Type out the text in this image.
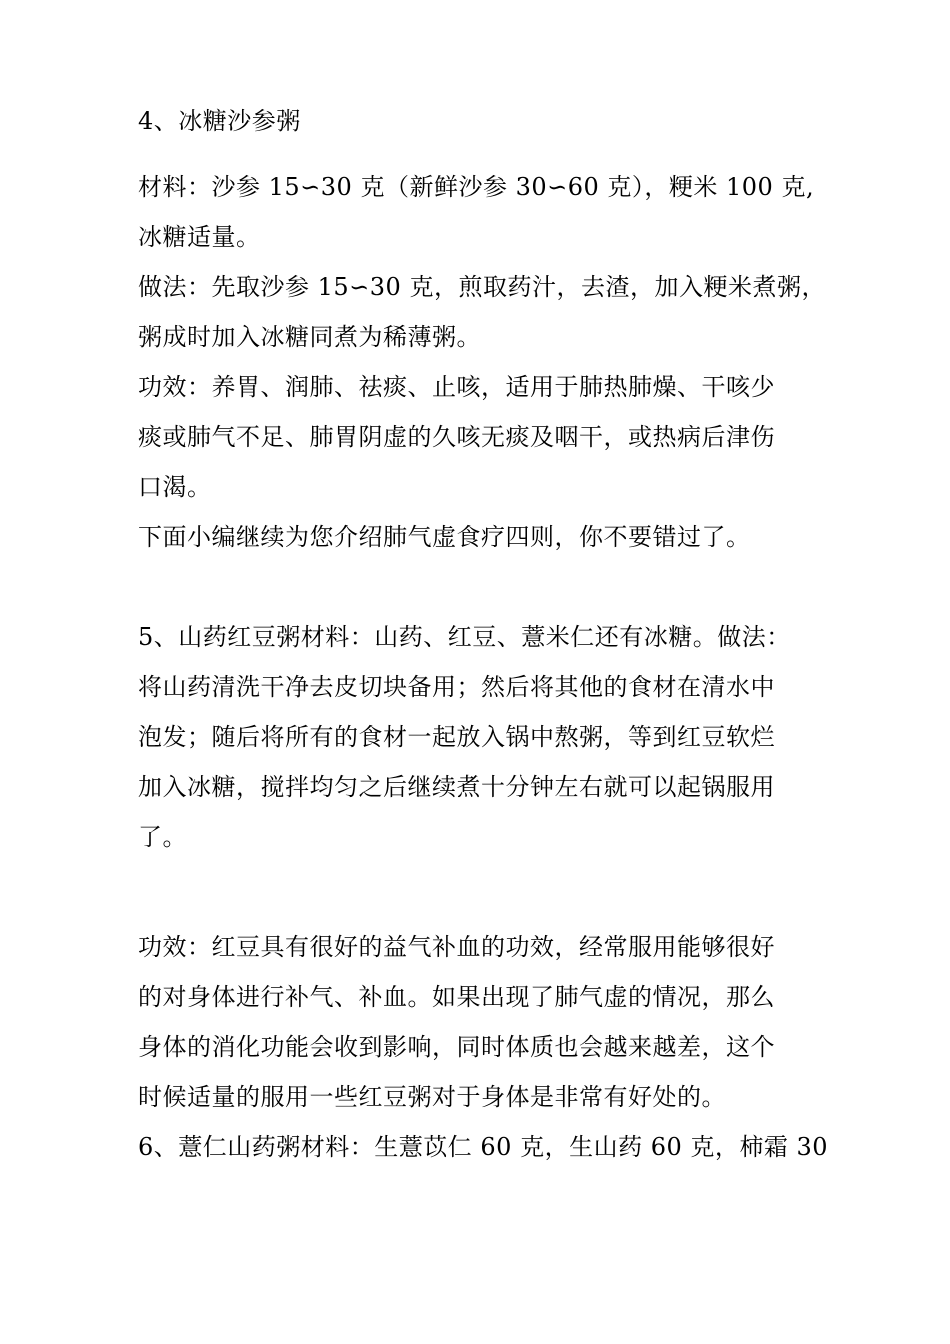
4、冰糖沙参粥
材料：沙参 15∽30 克（新鲜沙参 30∽60 克），粳米 100 克,
冰糖适量。
做法：先取沙参 15∽30 克，煎取药汁，去渣，加入粳米煮粥，
粥成时加入冰糖同煮为稀薄粥。
功效：养胃、润肺、祛痰、止咳，适用于肺热肺燥、干咳少
痰或肺气不足、肺胃阴虚的久咳无痰及咽干，或热病后津伤
口渴。
下面小编继续为您介绍肺气虚食疗四则，你不要错过了。
5、山药红豆粥材料：山药、红豆、薏米仁还有冰糖。做法：
将山药清洗干净去皮切块备用；然后将其他的食材在清水中
泡发；随后将所有的食材一起放入锅中熬粥，等到红豆软烂
加入冰糖，搅拌均匀之后继续煮十分钟左右就可以起锅服用
了。
功效：红豆具有很好的益气补血的功效，经常服用能够很好
的对身体进行补气、补血。如果出现了肺气虚的情况，那么
身体的消化功能会收到影响，同时体质也会越来越差，这个
时候适量的服用一些红豆粥对于身体是非常有好处的。
6、薏仁山药粥材料：生薏苡仁 60 克，生山药 60 克，柿霜 30
